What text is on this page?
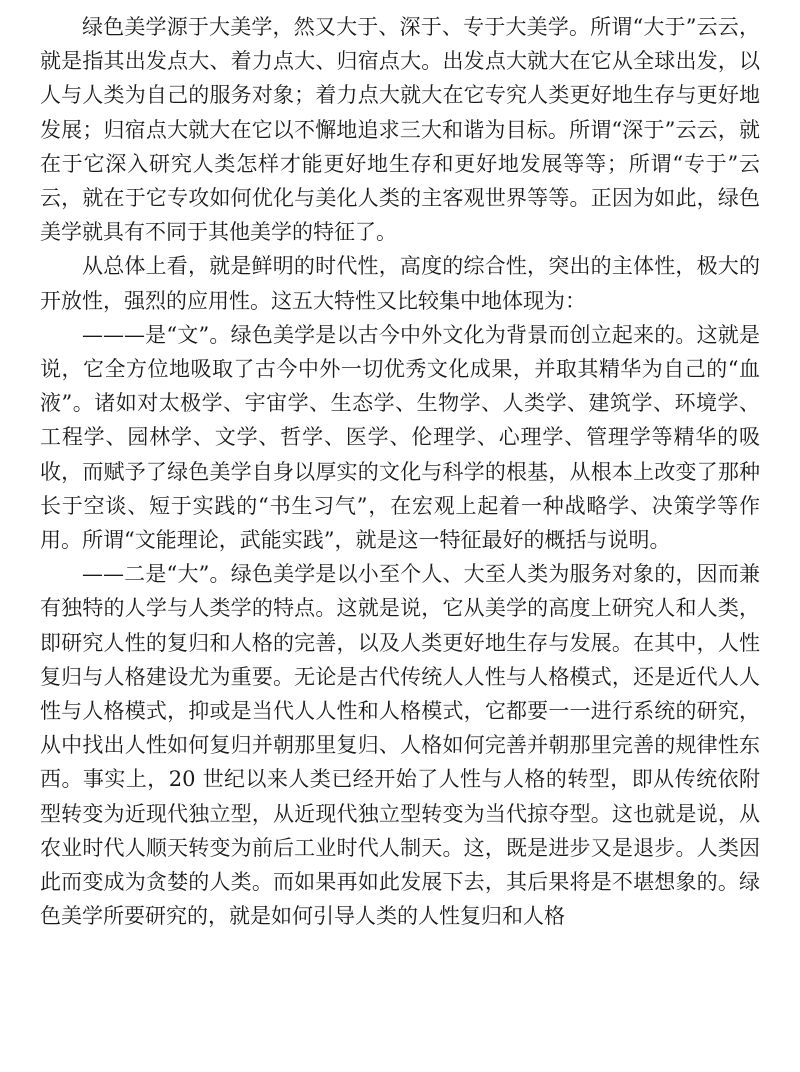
绿色美学源于大美学，然又大于、深于、专于大美学。所谓“大于”云云，就是指其出发点大、着力点大、归宿点大。出发点大就大在它从全球出发，以人与人类为自己的服务对象；着力点大就大在它专究人类更好地生存与更好地发展；归宿点大就大在它以不懈地追求三大和谐为目标。所谓“深于”云云，就在于它深入研究人类怎样才能更好地生存和更好地发展等等；所谓“专于”云云，就在于它专攻如何优化与美化人类的主客观世界等等。正因为如此，绿色美学就具有不同于其他美学的特征了。

从总体上看，就是鲜明的时代性，高度的综合性，突出的主体性，极大的开放性，强烈的应用性。这五大特性又比较集中地体现为：

———是“文”。绿色美学是以古今中外文化为背景而创立起来的。这就是说，它全方位地吸取了古今中外一切优秀文化成果，并取其精华为自己的“血液”。诸如对太极学、宇宙学、生态学、生物学、人类学、建筑学、环境学、工程学、园林学、文学、哲学、医学、伦理学、心理学、管理学等精华的吸收，而赋予了绿色美学自身以厚实的文化与科学的根基，从根本上改变了那种长于空谈、短于实践的“书生习气”，在宏观上起着一种战略学、决策学等作用。所谓“文能理论，武能实践”，就是这一特征最好的概括与说明。

——二是“大”。绿色美学是以小至个人、大至人类为服务对象的，因而兼有独特的人学与人类学的特点。这就是说，它从美学的高度上研究人和人类，即研究人性的复归和人格的完善，以及人类更好地生存与发展。在其中，人性复归与人格建设尤为重要。无论是古代传统人人性与人格模式，还是近代人人性与人格模式，抑或是当代人人性和人格模式，它都要一一进行系统的研究，从中找出人性如何复归并朝那里复归、人格如何完善并朝那里完善的规律性东西。事实上，20 世纪以来人类已经开始了人性与人格的转型，即从传统依附型转变为近现代独立型，从近现代独立型转变为当代掠夺型。这也就是说，从农业时代人顺天转变为前后工业时代人制天。这，既是进步又是退步。人类因此而变成为贪婪的人类。而如果再如此发展下去，其后果将是不堪想象的。绿色美学所要研究的，就是如何引导人类的人性复归和人格
